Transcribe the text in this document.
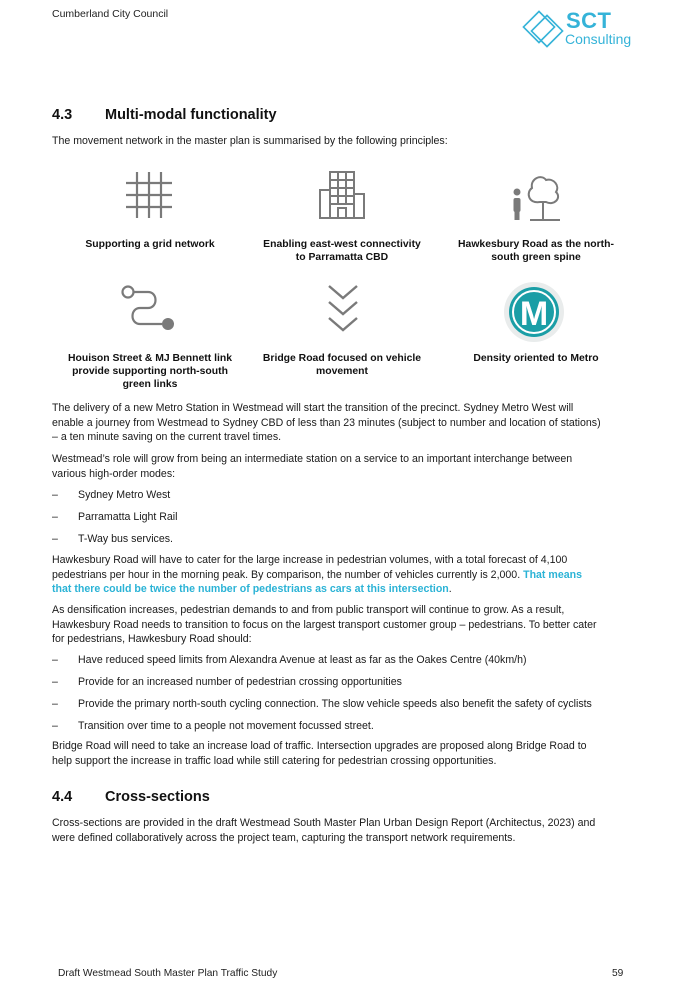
Cumberland City Council	SCT
Consulting
4.3 Multi-modal functionality
The movement network in the master plan is summarised by the following principles:
Supporting a grid network	Enabling east-west connectivity
to Parramatta CBD
Hawkesbury Road as the north-
south green spine
M
Houison Street & MJ Bennett link
provide supporting north-south
green links
Bridge Road focused on vehicle
movement
Density oriented to Metro
The delivery of a new Metro Station in Westmead will start the transition of the precinct. Sydney Metro West will
enable a journey from Westmead to Sydney CBD of less than 23 minutes (subject to number and location of stations)
– a ten minute saving on the current travel times.
Westmead’s role will grow from being an intermediate station on a service to an important interchange between
various high-order modes:
– Sydney Metro West
– Parramatta Light Rail
– T-Way bus services.
Hawkesbury Road will have to cater for the large increase in pedestrian volumes, with a total forecast of 4,100
pedestrians per hour in the morning peak. By comparison, the number of vehicles currently is 2,000. That means
that there could be twice the number of pedestrians as cars at this intersection.
As densification increases, pedestrian demands to and from public transport will continue to grow. As a result,
Hawkesbury Road needs to transition to focus on the largest transport customer group – pedestrians. To better cater
for pedestrians, Hawkesbury Road should:
– Have reduced speed limits from Alexandra Avenue at least as far as the Oakes Centre (40km/h)
– Provide for an increased number of pedestrian crossing opportunities
– Provide the primary north-south cycling connection. The slow vehicle speeds also benefit the safety of cyclists
– Transition over time to a people not movement focussed street.
Bridge Road will need to take an increase load of traffic. Intersection upgrades are proposed along Bridge Road to
help support the increase in traffic load while still catering for pedestrian crossing opportunities.
4.4 Cross-sections
Cross-sections are provided in the draft Westmead South Master Plan Urban Design Report (Architectus, 2023) and
were defined collaboratively across the project team, capturing the transport network requirements.
Draft Westmead South Master Plan Traffic Study	59
